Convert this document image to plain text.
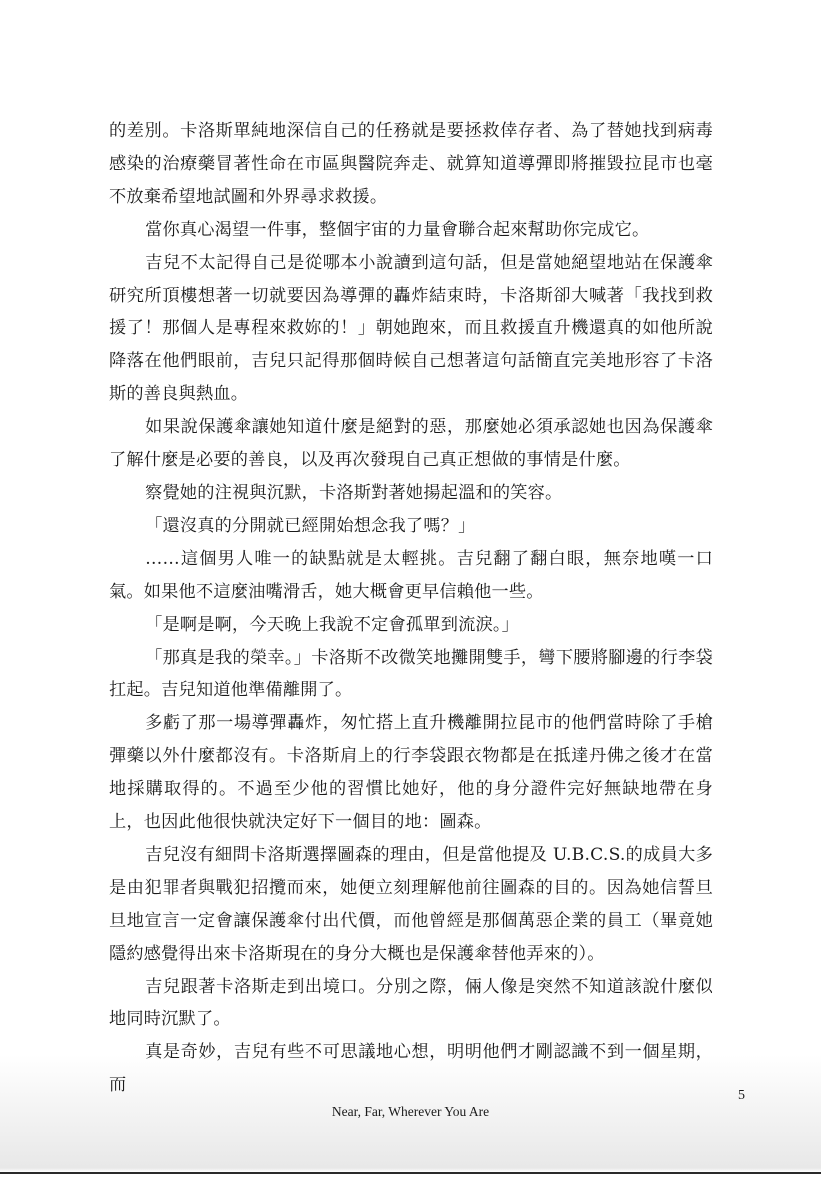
的差別。卡洛斯單純地深信自己的任務就是要拯救倖存者、為了替她找到病毒感染的治療藥冒著性命在市區與醫院奔走、就算知道導彈即將摧毀拉昆市也毫不放棄希望地試圖和外界尋求救援。

當你真心渴望一件事，整個宇宙的力量會聯合起來幫助你完成它。

吉兒不太記得自己是從哪本小說讀到這句話，但是當她絕望地站在保護傘研究所頂樓想著一切就要因為導彈的轟炸結束時，卡洛斯卻大喊著「我找到救援了！那個人是專程來救妳的！」朝她跑來，而且救援直升機還真的如他所說降落在他們眼前，吉兒只記得那個時候自己想著這句話簡直完美地形容了卡洛斯的善良與熱血。

如果說保護傘讓她知道什麼是絕對的惡，那麼她必須承認她也因為保護傘了解什麼是必要的善良，以及再次發現自己真正想做的事情是什麼。

察覺她的注視與沉默，卡洛斯對著她揚起溫和的笑容。

「還沒真的分開就已經開始想念我了嗎？」

……這個男人唯一的缺點就是太輕挑。吉兒翻了翻白眼，無奈地嘆一口氣。如果他不這麼油嘴滑舌，她大概會更早信賴他一些。

「是啊是啊，今天晚上我說不定會孤單到流淚。」

「那真是我的榮幸。」卡洛斯不改微笑地攤開雙手，彎下腰將腳邊的行李袋扛起。吉兒知道他準備離開了。

多虧了那一場導彈轟炸，匆忙搭上直升機離開拉昆市的他們當時除了手槍彈藥以外什麼都沒有。卡洛斯肩上的行李袋跟衣物都是在抵達丹佛之後才在當地採購取得的。不過至少他的習慣比她好，他的身分證件完好無缺地帶在身上，也因此他很快就決定好下一個目的地：圖森。

吉兒沒有細問卡洛斯選擇圖森的理由，但是當他提及 U.B.C.S.的成員大多是由犯罪者與戰犯招攬而來，她便立刻理解他前往圖森的目的。因為她信誓旦旦地宣言一定會讓保護傘付出代價，而他曾經是那個萬惡企業的員工（畢竟她隱約感覺得出來卡洛斯現在的身分大概也是保護傘替他弄來的）。

吉兒跟著卡洛斯走到出境口。分別之際，倆人像是突然不知道該說什麼似地同時沉默了。

真是奇妙，吉兒有些不可思議地心想，明明他們才剛認識不到一個星期，而

5
Near, Far, Wherever You Are
